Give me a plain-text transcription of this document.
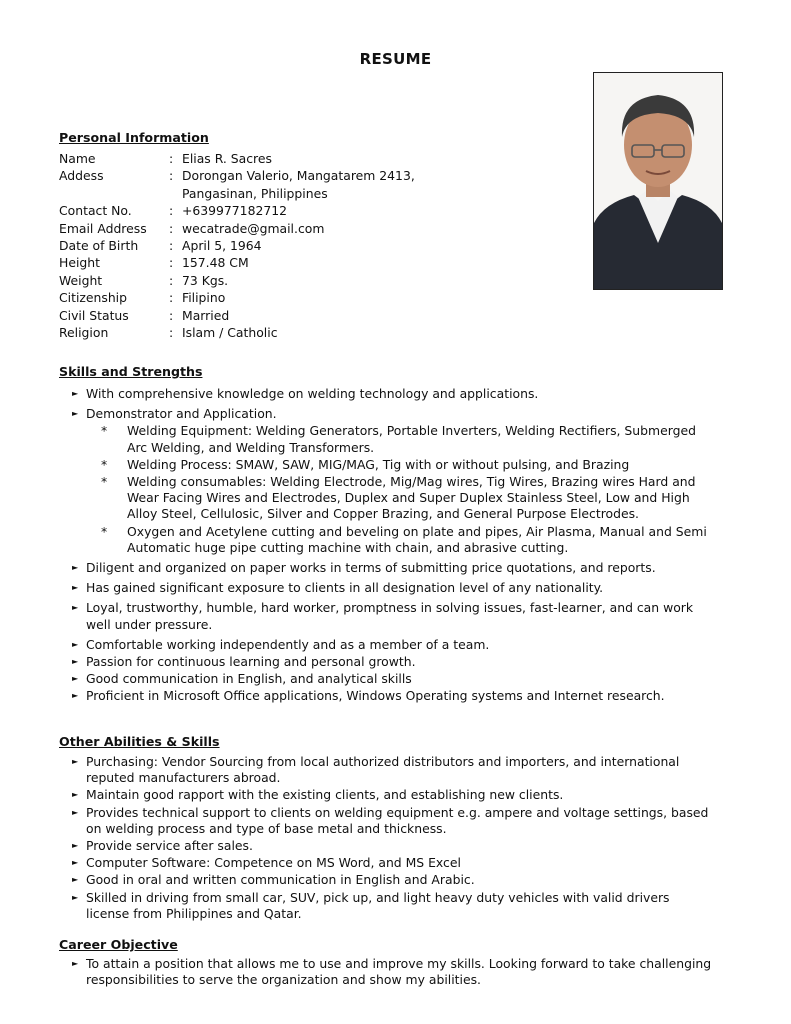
RESUME
Personal Information
Name	: Elias R. Sacres
Addess	: Dorongan Valerio, Mangatarem 2413, Pangasinan, Philippines
Contact No.	: +639977182712
Email Address	: wecatrade@gmail.com
Date of Birth	: April 5, 1964
Height	: 157.48 CM
Weight	: 73 Kgs.
Citizenship	: Filipino
Civil Status	: Married
Religion	: Islam / Catholic
Skills and Strengths
► With comprehensive knowledge on welding technology and applications.
► Demonstrator and Application.
* Welding Equipment: Welding Generators, Portable Inverters, Welding Rectifiers, Submerged Arc Welding, and Welding Transformers.
* Welding Process: SMAW, SAW, MIG/MAG, Tig with or without pulsing, and Brazing
* Welding consumables: Welding Electrode, Mig/Mag wires, Tig Wires, Brazing wires Hard and Wear Facing Wires and Electrodes, Duplex and Super Duplex Stainless Steel, Low and High Alloy Steel, Cellulosic, Silver and Copper Brazing, and General Purpose Electrodes.
* Oxygen and Acetylene cutting and beveling on plate and pipes, Air Plasma, Manual and Semi Automatic huge pipe cutting machine with chain, and abrasive cutting.
► Diligent and organized on paper works in terms of submitting price quotations, and reports.
► Has gained significant exposure to clients in all designation level of any nationality.
► Loyal, trustworthy, humble, hard worker, promptness in solving issues, fast-learner, and can work well under pressure.
► Comfortable working independently and as a member of a team.
► Passion for continuous learning and personal growth.
► Good communication in English, and analytical skills
► Proficient in Microsoft Office applications, Windows Operating systems and Internet research.
Other Abilities & Skills
► Purchasing: Vendor Sourcing from local authorized distributors and importers, and international reputed manufacturers abroad.
► Maintain good rapport with the existing clients, and establishing new clients.
► Provides technical support to clients on welding equipment e.g. ampere and voltage settings, based on welding process and type of base metal and thickness.
► Provide service after sales.
► Computer Software: Competence on MS Word, and MS Excel
► Good in oral and written communication in English and Arabic.
► Skilled in driving from small car, SUV, pick up, and light heavy duty vehicles with valid drivers license from Philippines and Qatar.
Career Objective
► To attain a position that allows me to use and improve my skills. Looking forward to take challenging responsibilities to serve the organization and show my abilities.
